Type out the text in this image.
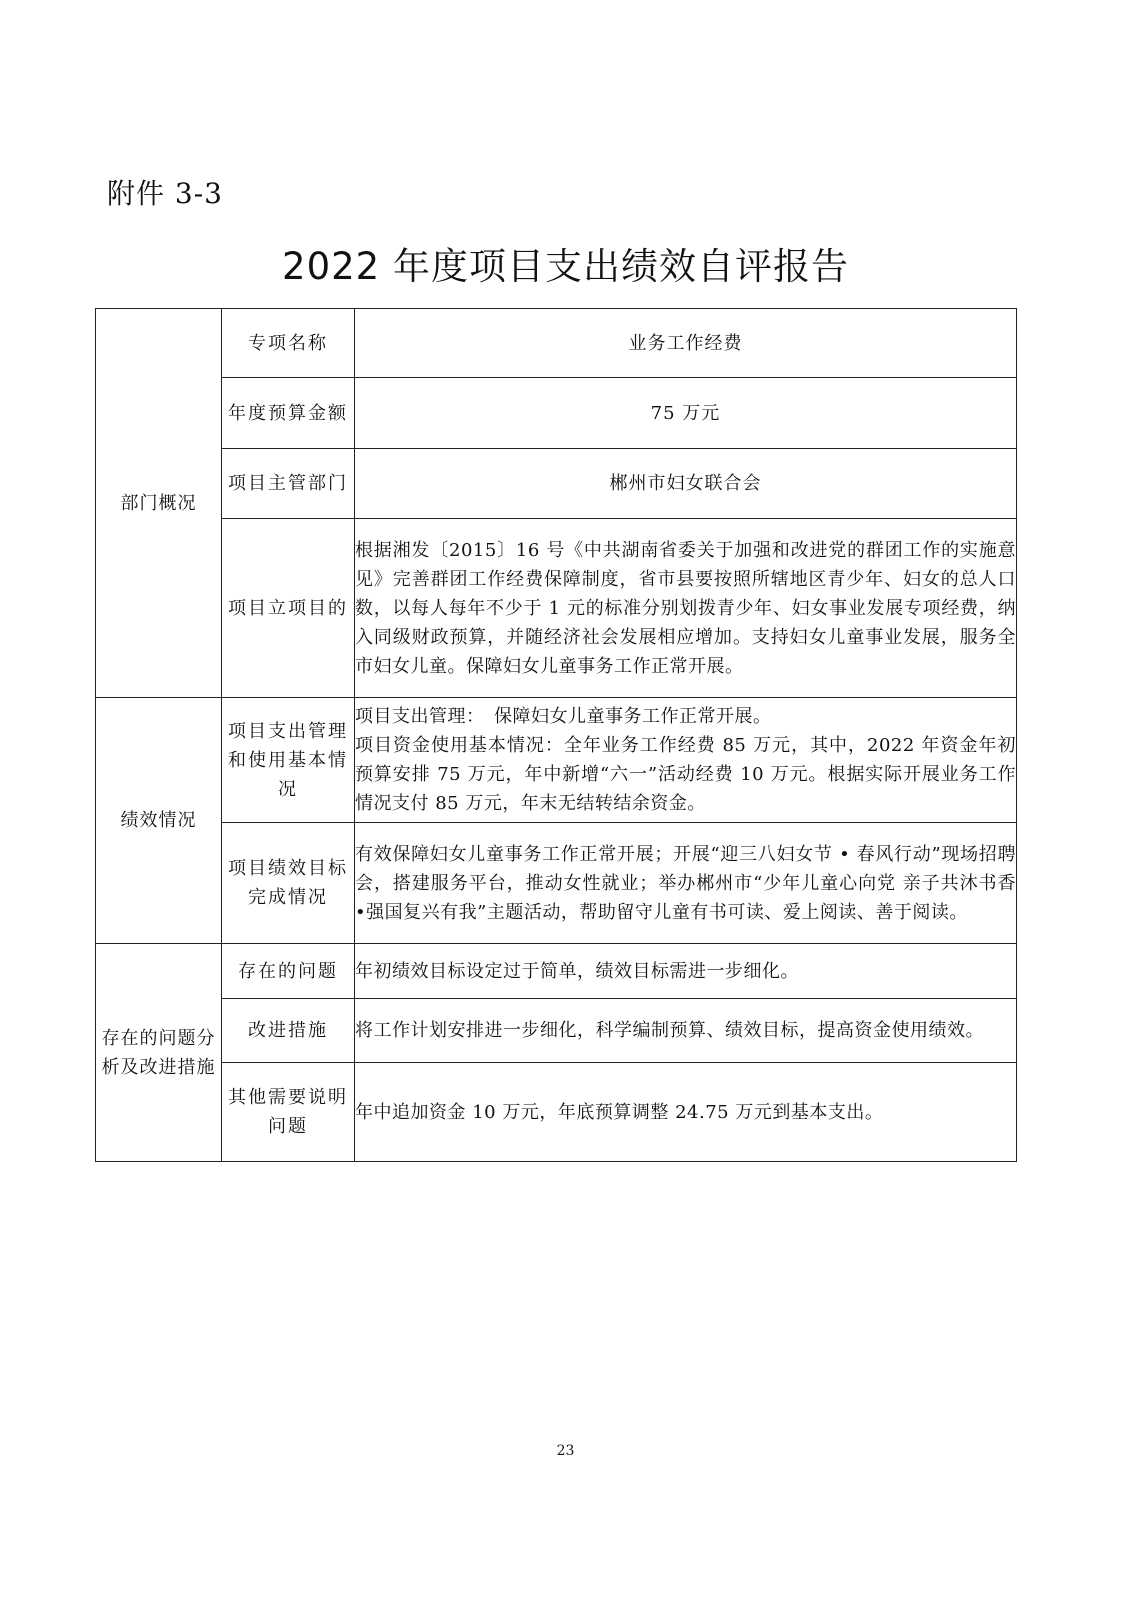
附件 3-3
2022 年度项目支出绩效自评报告
部门概况	专项名称	业务工作经费
	年度预算金额	75 万元
	项目主管部门	郴州市妇女联合会
	项目立项目的	根据湘发〔2015〕16 号《中共湖南省委关于加强和改进党的群团工作的实施意见》完善群团工作经费保障制度，省市县要按照所辖地区青少年、妇女的总人口数，以每人每年不少于 1 元的标准分别划拨青少年、妇女事业发展专项经费，纳入同级财政预算，并随经济社会发展相应增加。支持妇女儿童事业发展，服务全市妇女儿童。保障妇女儿童事务工作正常开展。
绩效情况	项目支出管理和使用基本情况	项目支出管理：　保障妇女儿童事务工作正常开展。
项目资金使用基本情况：全年业务工作经费 85 万元，其中，2022 年资金年初预算安排 75 万元，年中新增“六一”活动经费 10 万元。根据实际开展业务工作情况支付 85 万元，年末无结转结余资金。
	项目绩效目标完成情况	有效保障妇女儿童事务工作正常开展；开展“迎三八妇女节 • 春风行动”现场招聘会，搭建服务平台，推动女性就业；举办郴州市“少年儿童心向党 亲子共沐书香 •强国复兴有我”主题活动，帮助留守儿童有书可读、爱上阅读、善于阅读。
存在的问题分析及改进措施	存在的问题	年初绩效目标设定过于简单，绩效目标需进一步细化。
	改进措施	将工作计划安排进一步细化，科学编制预算、绩效目标，提高资金使用绩效。
	其他需要说明问题	年中追加资金 10 万元，年底预算调整 24.75 万元到基本支出。
23
